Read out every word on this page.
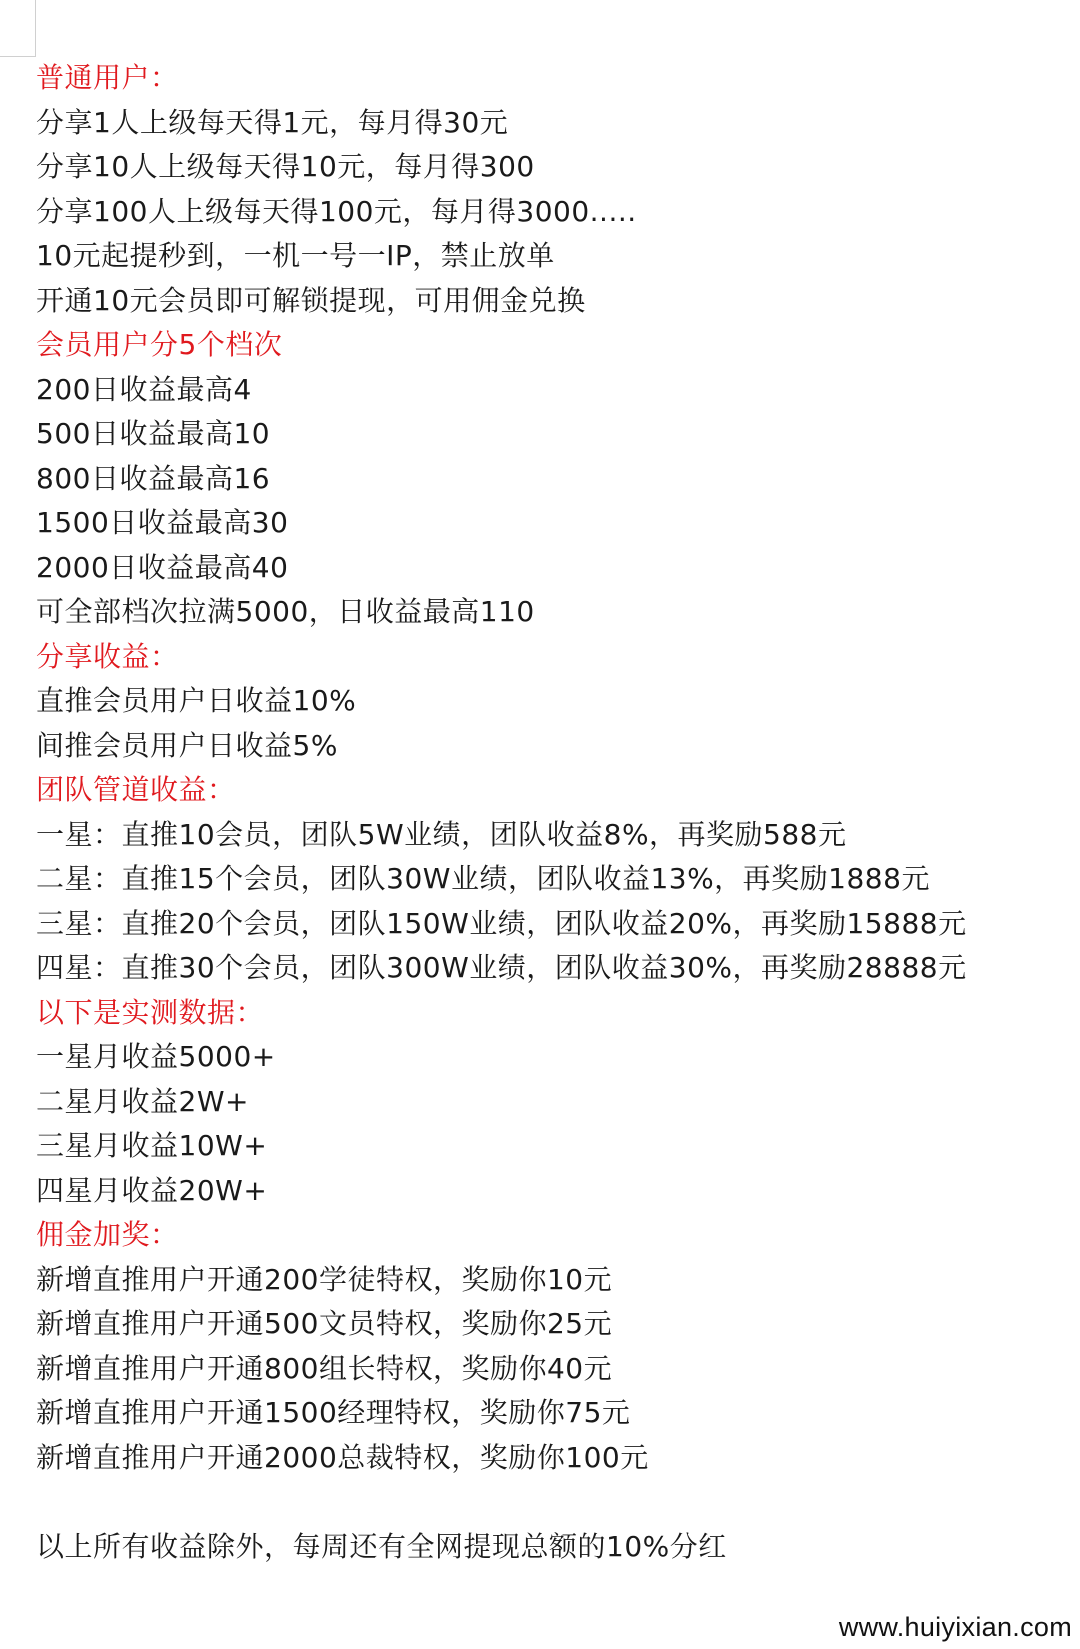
普通用户：
分享1人上级每天得1元，每月得30元
分享10人上级每天得10元，每月得300
分享100人上级每天得100元，每月得3000.....
10元起提秒到，一机一号一IP，禁止放单
开通10元会员即可解锁提现，可用佣金兑换
会员用户分5个档次
200日收益最高4
500日收益最高10
800日收益最高16
1500日收益最高30
2000日收益最高40
可全部档次拉满5000，日收益最高110
分享收益：
直推会员用户日收益10%
间推会员用户日收益5%
团队管道收益：
一星：直推10会员，团队5W业绩，团队收益8%，再奖励588元
二星：直推15个会员，团队30W业绩，团队收益13%，再奖励1888元
三星：直推20个会员，团队150W业绩，团队收益20%，再奖励15888元
四星：直推30个会员，团队300W业绩，团队收益30%，再奖励28888元
以下是实测数据：
一星月收益5000+
二星月收益2W+
三星月收益10W+
四星月收益20W+
佣金加奖：
新增直推用户开通200学徒特权，奖励你10元
新增直推用户开通500文员特权，奖励你25元
新增直推用户开通800组长特权，奖励你40元
新增直推用户开通1500经理特权，奖励你75元
新增直推用户开通2000总裁特权，奖励你100元
以上所有收益除外，每周还有全网提现总额的10%分红
www.huiyixian.com
